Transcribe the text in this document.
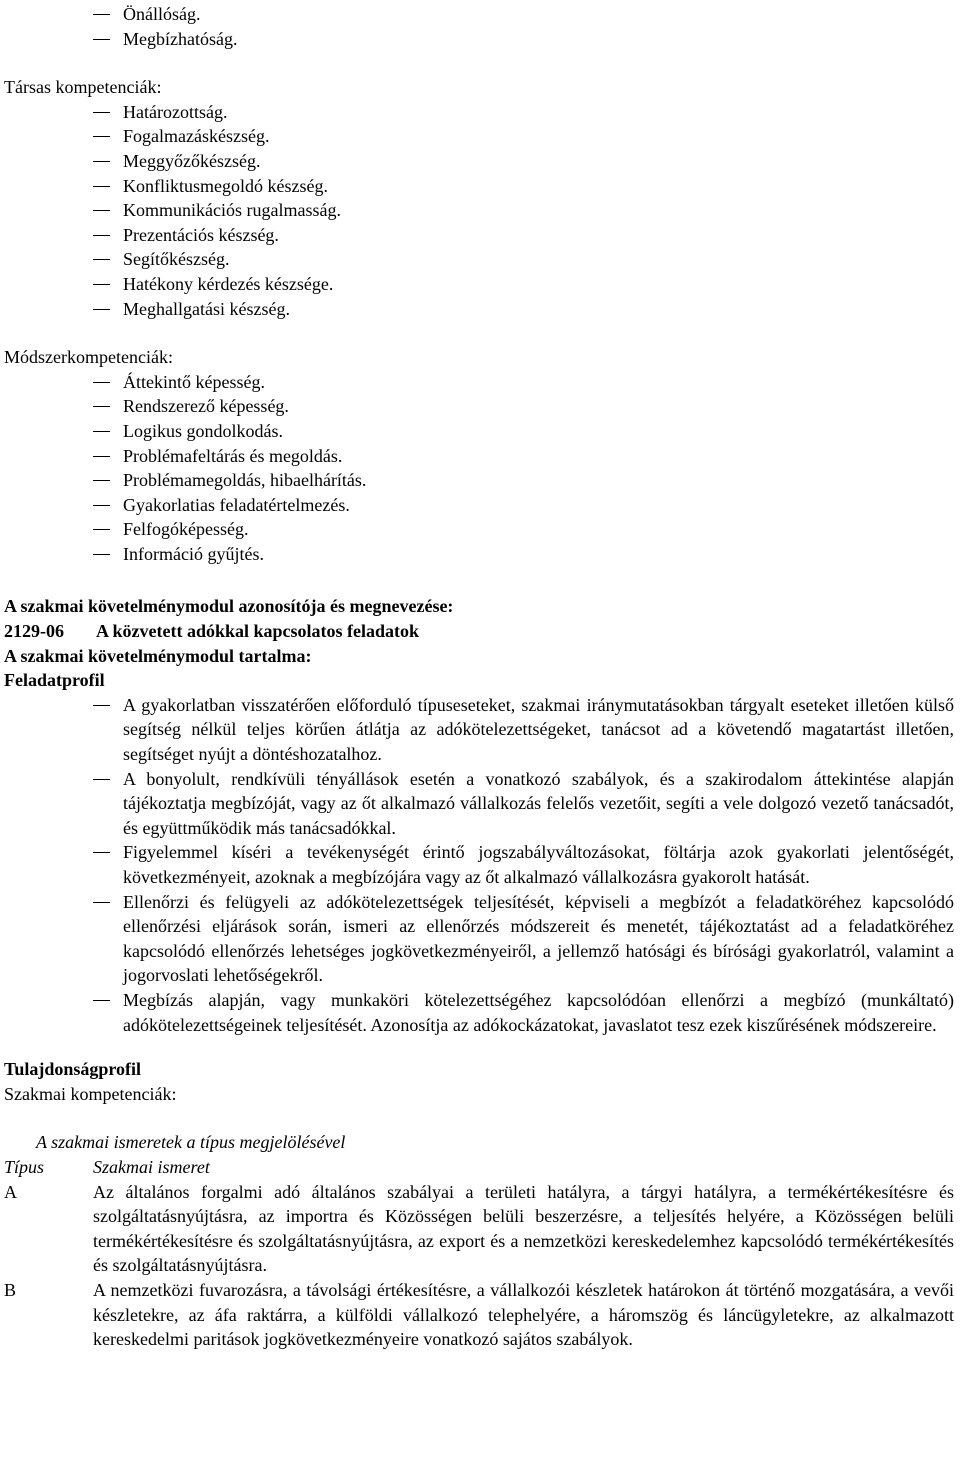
Önállóság.
Megbízhatóság.
Társas kompetenciák:
Határozottság.
Fogalmazáskészség.
Meggyőzőkészség.
Konfliktusmegoldó készség.
Kommunikációs rugalmasság.
Prezentációs készség.
Segítőkészség.
Hatékony kérdezés készsége.
Meghallgatási készség.
Módszerkompetenciák:
Áttekintő képesség.
Rendszerező képesség.
Logikus gondolkodás.
Problémafeltárás és megoldás.
Problémamegoldás, hibaelhárítás.
Gyakorlatias feladatértelmezés.
Felfogóképesség.
Információ gyűjtés.
A szakmai követelménymodul azonosítója és megnevezése:
2129-06 A közvetett adókkal kapcsolatos feladatok
A szakmai követelménymodul tartalma:
Feladatprofil
A gyakorlatban visszatérően előforduló típuseseteket, szakmai iránymutatásokban tárgyalt eseteket illetően külső segítség nélkül teljes körűen átlátja az adókötelezettségeket, tanácsot ad a követendő magatartást illetően, segítséget nyújt a döntéshozatalhoz.
A bonyolult, rendkívüli tényállások esetén a vonatkozó szabályok, és a szakirodalom áttekintése alapján tájékoztatja megbízóját, vagy az őt alkalmazó vállalkozás felelős vezetőit, segíti a vele dolgozó vezető tanácsadót, és együttműködik más tanácsadókkal.
Figyelemmel kíséri a tevékenységét érintő jogszabályváltozásokat, föltárja azok gyakorlati jelentőségét, következményeit, azoknak a megbízójára vagy az őt alkalmazó vállalkozásra gyakorolt hatását.
Ellenőrzi és felügyeli az adókötelezettségek teljesítését, képviseli a megbízót a feladatköréhez kapcsolódó ellenőrzési eljárások során, ismeri az ellenőrzés módszereit és menetét, tájékoztatást ad a feladatköréhez kapcsolódó ellenőrzés lehetséges jogkövetkezményeiről, a jellemző hatósági és bírósági gyakorlatról, valamint a jogorvoslati lehetőségekről.
Megbízás alapján, vagy munkaköri kötelezettségéhez kapcsolódóan ellenőrzi a megbízó (munkáltató) adókötelezettségeinek teljesítését. Azonosítja az adókockázatokat, javaslatot tesz ezek kiszűrésének módszereire.
Tulajdonságprofil
Szakmai kompetenciák:
A szakmai ismeretek a típus megjelölésével
Típus	Szakmai ismeret
A	Az általános forgalmi adó általános szabályai a területi hatályra, a tárgyi hatályra, a termékértékesítésre és szolgáltatásnyújtásra, az importra és Közösségen belüli beszerzésre, a teljesítés helyére, a Közösségen belüli termékértékesítésre és szolgáltatásnyújtásra, az export és a nemzetközi kereskedelemhez kapcsolódó termékértékesítés és szolgáltatásnyújtásra.
B	A nemzetközi fuvarozásra, a távolsági értékesítésre, a vállalkozói készletek határokon át történő mozgatására, a vevői készletekre, az áfa raktárra, a külföldi vállalkozó telephelyére, a háromszög és láncügyletekre, az alkalmazott kereskedelmi paritások jogkövetkezményeire vonatkozó sajátos szabályok.
